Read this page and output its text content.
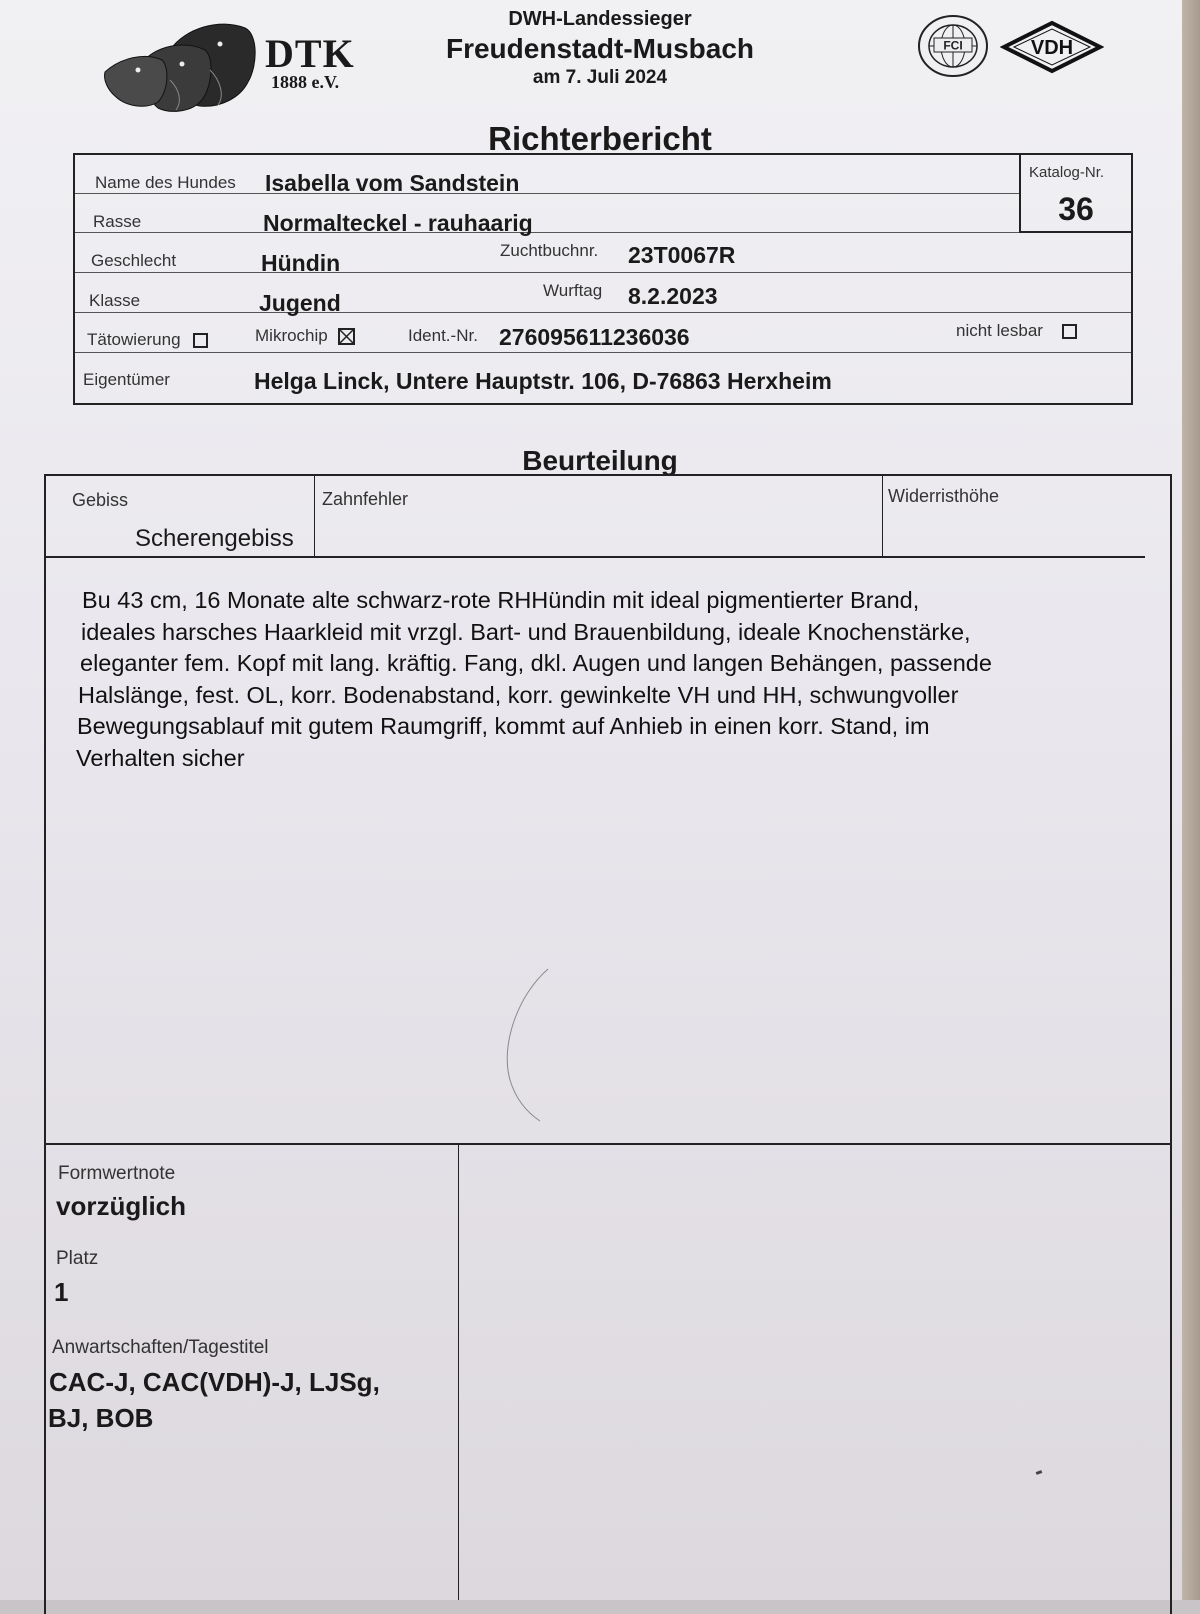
DTK
1888 e.V.
DWH-Landessieger
Freudenstadt-Musbach
am 7. Juli 2024
FCI	VDH
Richterbericht
Katalog-Nr.
36
Name des Hundes Isabella vom Sandstein
Rasse	Normalteckel - rauhaarig
Geschlecht	Hündin	Zuchtbuchnr. 23T0067R
Klasse	Jugend	Wurftag 8.2.2023
Tätowierung	Mikrochip	Ident.-Nr. 276095611236036	nicht lesbar
Eigentümer	Helga Linck, Untere Hauptstr. 106, D-76863 Herxheim
Beurteilung
Gebiss
Scherengebiss
Zahnfehler	Widerristhöhe
Bu 43 cm, 16 Monate alte schwarz-rote RHHündin mit ideal pigmentierter Brand,
ideales harsches Haarkleid mit vrzgl. Bart- und Brauenbildung, ideale Knochenstärke,
eleganter fem. Kopf mit lang. kräftig. Fang, dkl. Augen und langen Behängen, passende
Halslänge, fest. OL, korr. Bodenabstand, korr. gewinkelte VH und HH, schwungvoller
Bewegungsablauf mit gutem Raumgriff, kommt auf Anhieb in einen korr. Stand, im
Verhalten sicher
Formwertnote
vorzüglich
Platz
1
Anwartschaften/Tagestitel
CAC-J, CAC(VDH)-J, LJSg,
BJ, BOB
